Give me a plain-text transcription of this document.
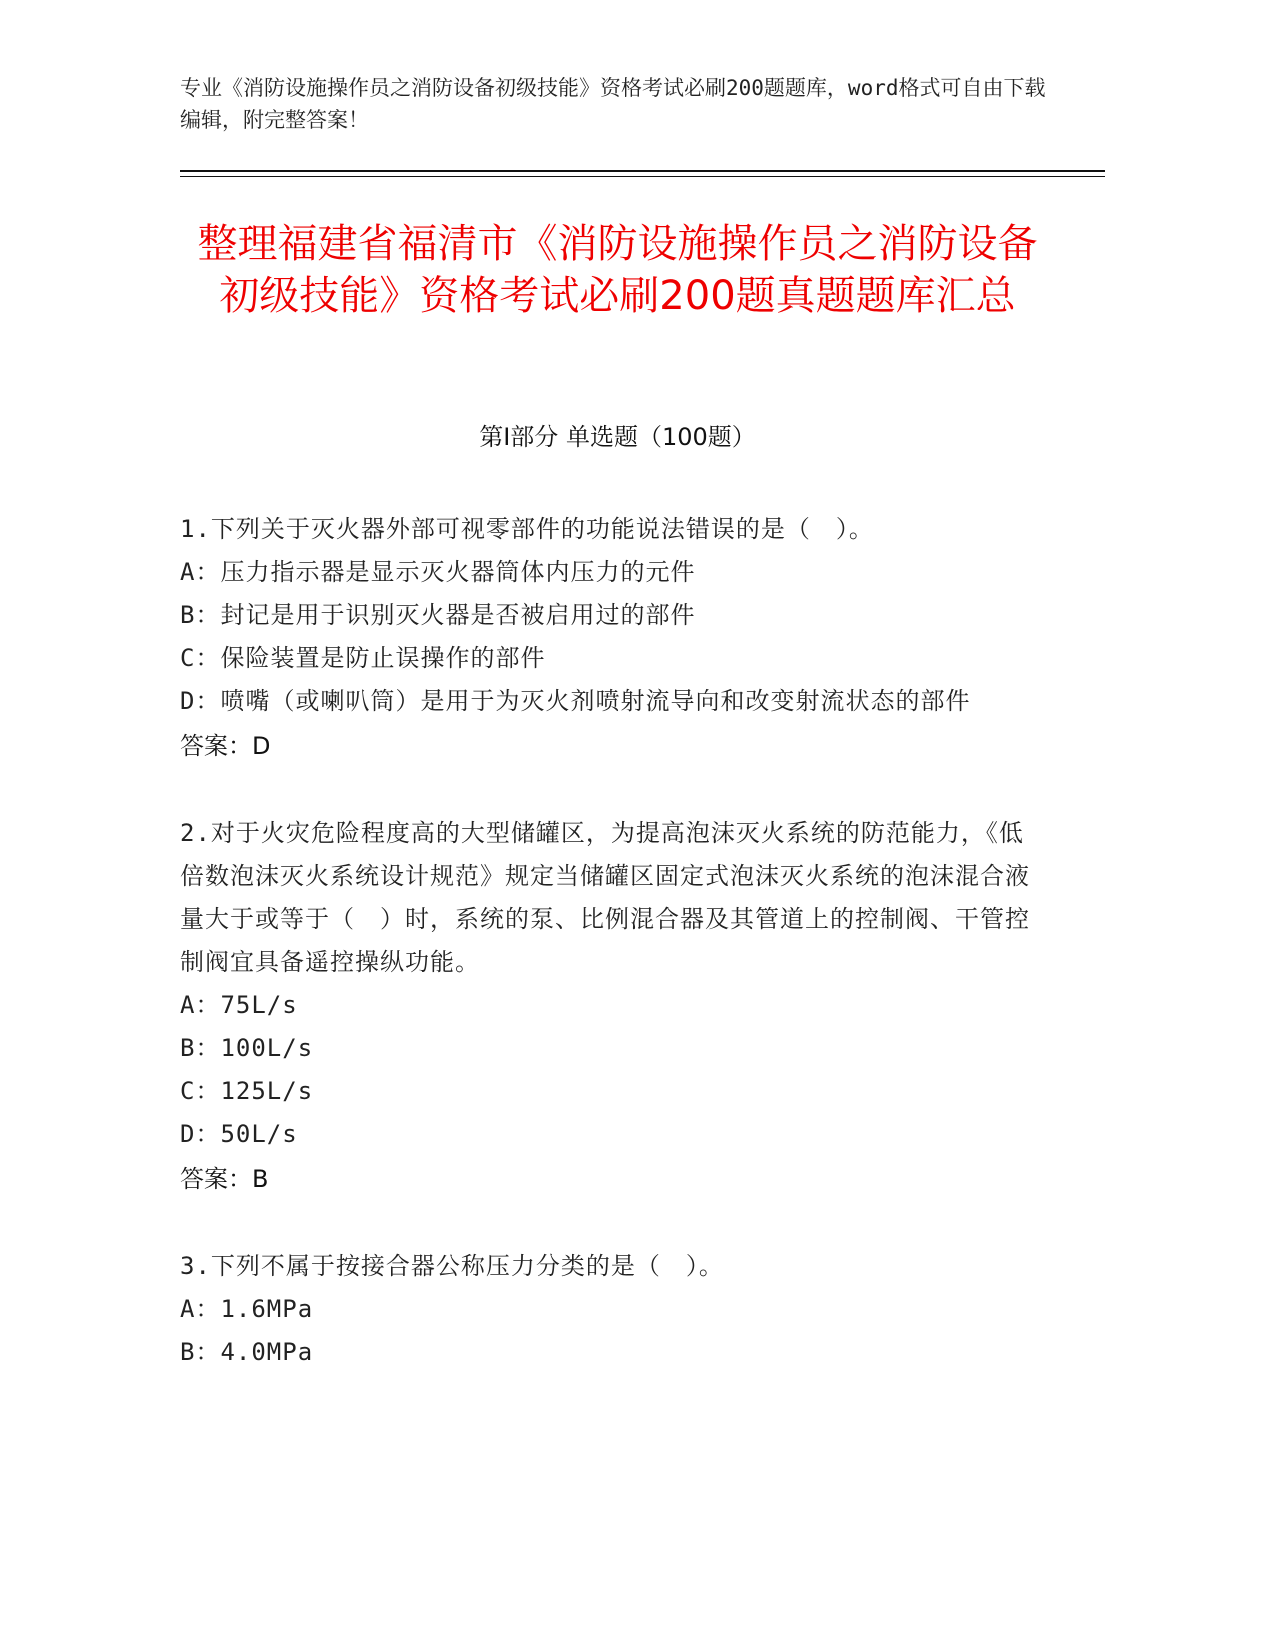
专业《消防设施操作员之消防设备初级技能》资格考试必刷200题题库，word格式可自由下载编辑，附完整答案！
整理福建省福清市《消防设施操作员之消防设备初级技能》资格考试必刷200题真题题库汇总
第Ⅰ部分 单选题（100题）
1.下列关于灭火器外部可视零部件的功能说法错误的是（　）。
A：压力指示器是显示灭火器筒体内压力的元件
B：封记是用于识别灭火器是否被启用过的部件
C：保险装置是防止误操作的部件
D：喷嘴（或喇叭筒）是用于为灭火剂喷射流导向和改变射流状态的部件
答案：D
2.对于火灾危险程度高的大型储罐区，为提高泡沫灭火系统的防范能力，《低倍数泡沫灭火系统设计规范》规定当储罐区固定式泡沫灭火系统的泡沫混合液量大于或等于（　）时，系统的泵、比例混合器及其管道上的控制阀、干管控制阀宜具备遥控操纵功能。
A：75L/s
B：100L/s
C：125L/s
D：50L/s
答案：B
3.下列不属于按接合器公称压力分类的是（　）。
A：1.6MPa
B：4.0MPa
